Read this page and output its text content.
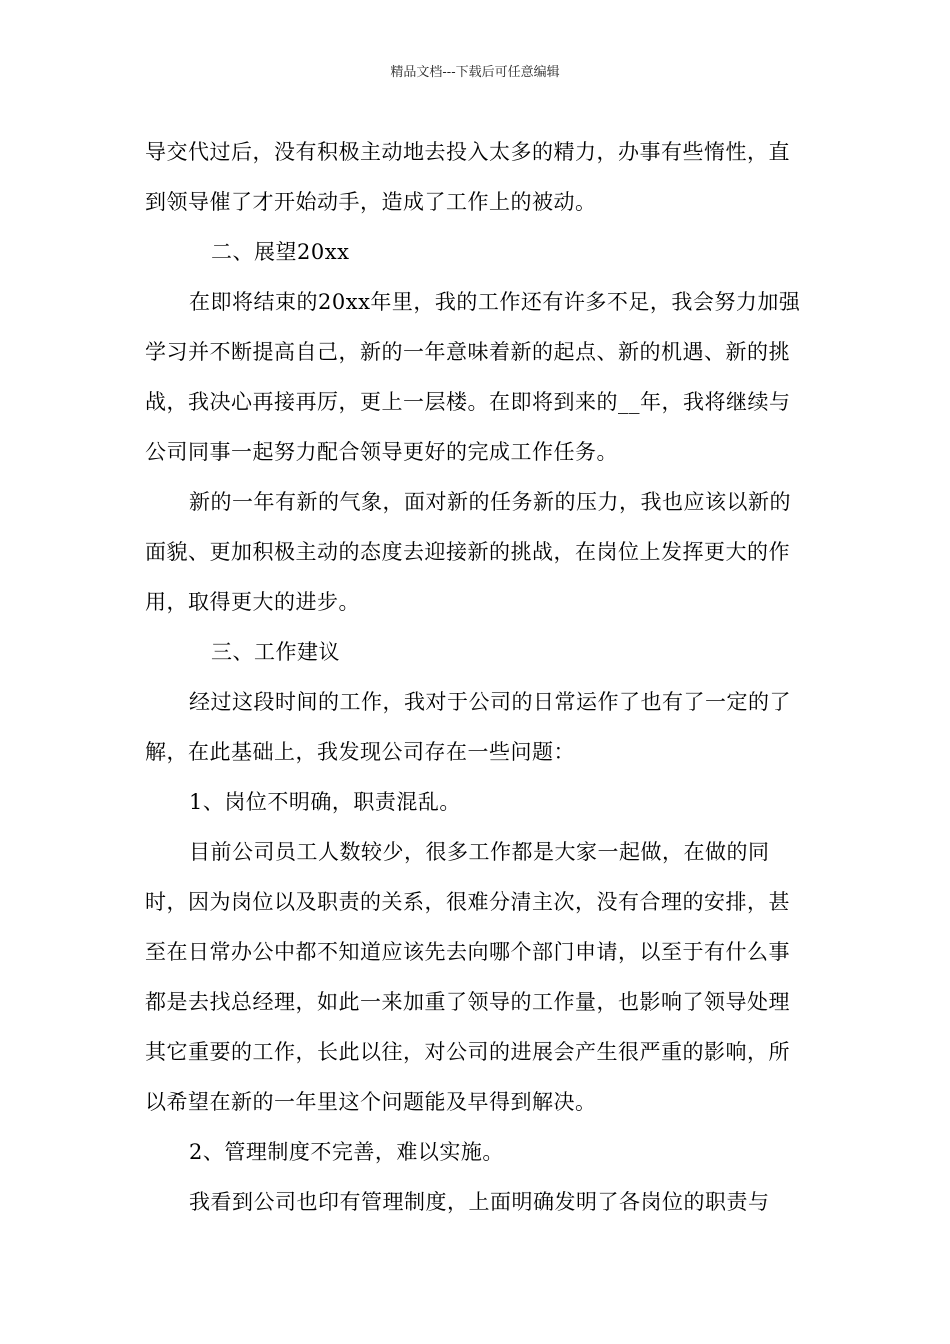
精品文档---下载后可任意编辑

导交代过后，没有积极主动地去投入太多的精力，办事有些惰性，直到领导催了才开始动手，造成了工作上的被动。

二、展望20xx

在即将结束的20xx年里，我的工作还有许多不足，我会努力加强学习并不断提高自己，新的一年意味着新的起点、新的机遇、新的挑战，我决心再接再厉，更上一层楼。在即将到来的__年，我将继续与公司同事一起努力配合领导更好的完成工作任务。

新的一年有新的气象，面对新的任务新的压力，我也应该以新的面貌、更加积极主动的态度去迎接新的挑战，在岗位上发挥更大的作用，取得更大的进步。

三、工作建议

经过这段时间的工作，我对于公司的日常运作了也有了一定的了解，在此基础上，我发现公司存在一些问题：

1、岗位不明确，职责混乱。

目前公司员工人数较少，很多工作都是大家一起做，在做的同时，因为岗位以及职责的关系，很难分清主次，没有合理的安排，甚至在日常办公中都不知道应该先去向哪个部门申请，以至于有什么事都是去找总经理，如此一来加重了领导的工作量，也影响了领导处理其它重要的工作，长此以往，对公司的进展会产生很严重的影响，所以希望在新的一年里这个问题能及早得到解决。

2、管理制度不完善，难以实施。

我看到公司也印有管理制度，上面明确发明了各岗位的职责与
